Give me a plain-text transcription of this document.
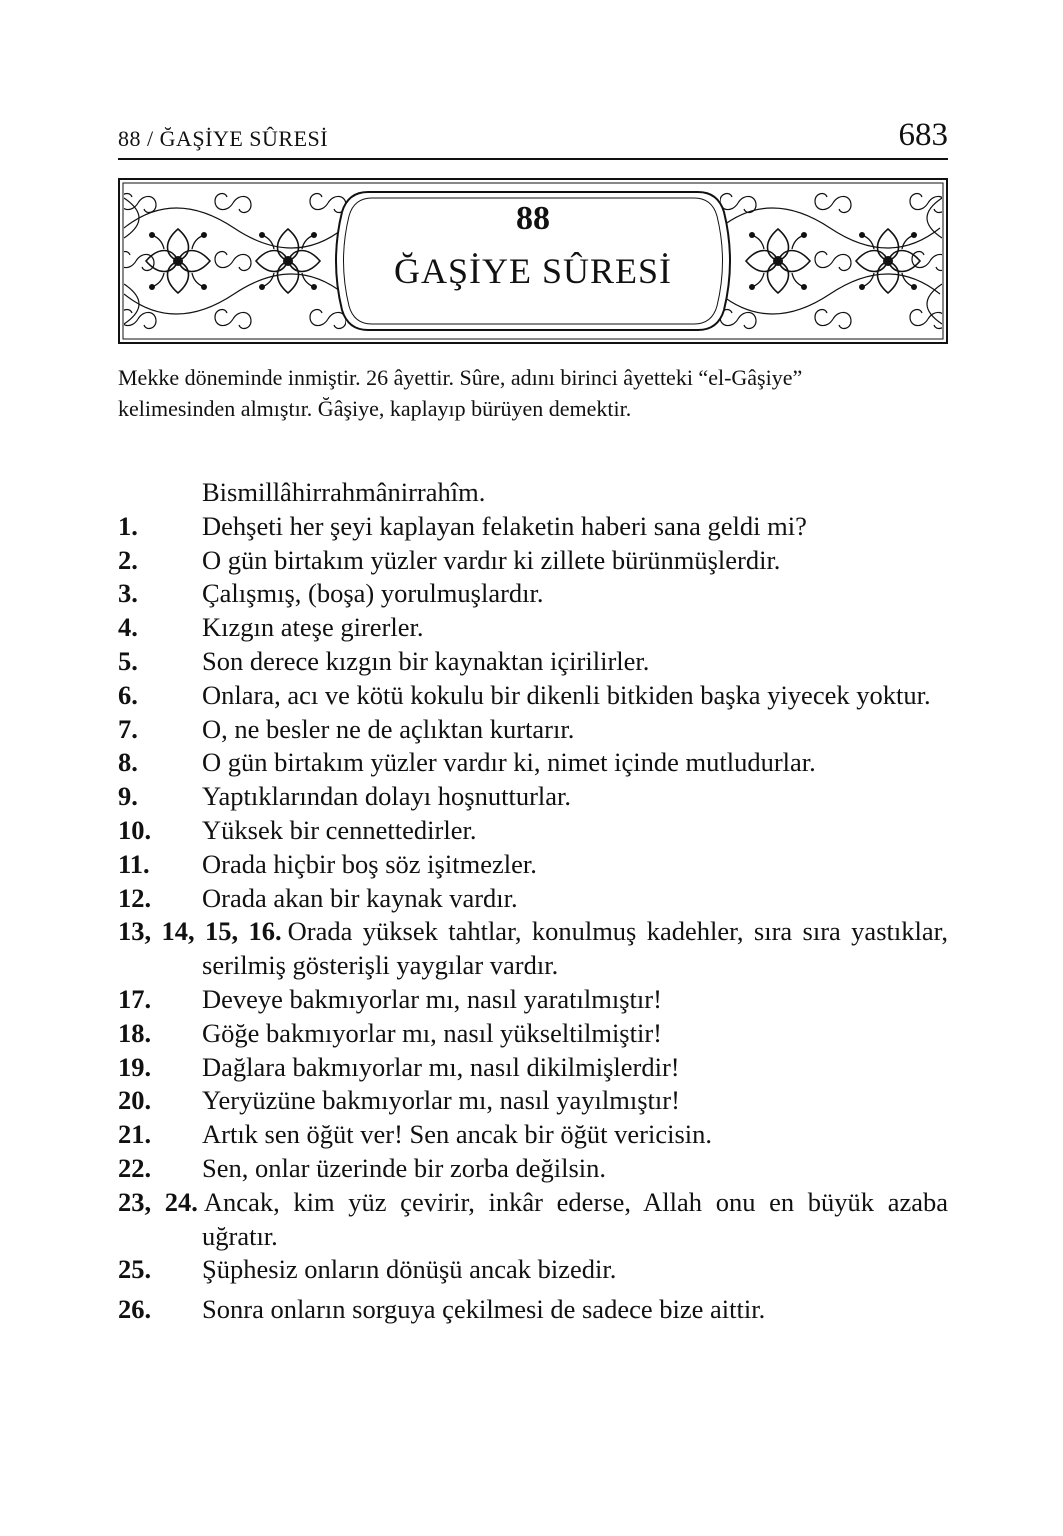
88 / ĞAŞİYE SÛRESİ	683
88
ĞAŞİYE SÛRESİ

Mekke döneminde inmiştir. 26 âyettir. Sûre, adını birinci âyetteki “el-Gâşiye”

kelimesinden almıştır. Ğâşiye, kaplayıp bürüyen demektir.

Bismillâhirrahmânirrahîm.
1. Dehşeti her şeyi kaplayan felaketin haberi sana geldi mi?
2. O gün birtakım yüzler vardır ki zillete bürünmüşlerdir.
3. Çalışmış, (boşa) yorulmuşlardır.
4. Kızgın ateşe girerler.
5. Son derece kızgın bir kaynaktan içirilirler.
6. Onlara, acı ve kötü kokulu bir dikenli bitkiden başka yiyecek yoktur.
7. O, ne besler ne de açlıktan kurtarır.
8. O gün birtakım yüzler vardır ki, nimet içinde mutludurlar.
9. Yaptıklarından dolayı hoşnutturlar.
10. Yüksek bir cennettedirler.
11. Orada hiçbir boş söz işitmezler.
12. Orada akan bir kaynak vardır.
13, 14, 15, 16. Orada yüksek tahtlar, konulmuş kadehler, sıra sıra yastıklar, serilmiş gösterişli yaygılar vardır.
17. Deveye bakmıyorlar mı, nasıl yaratılmıştır!
18. Göğe bakmıyorlar mı, nasıl yükseltilmiştir!
19. Dağlara bakmıyorlar mı, nasıl dikilmişlerdir!
20. Yeryüzüne bakmıyorlar mı, nasıl yayılmıştır!
21. Artık sen öğüt ver! Sen ancak bir öğüt vericisin.
22. Sen, onlar üzerinde bir zorba değilsin.
23, 24. Ancak, kim yüz çevirir, inkâr ederse, Allah onu en büyük azaba uğratır.
25. Şüphesiz onların dönüşü ancak bizedir.
26. Sonra onların sorguya çekilmesi de sadece bize aittir.
